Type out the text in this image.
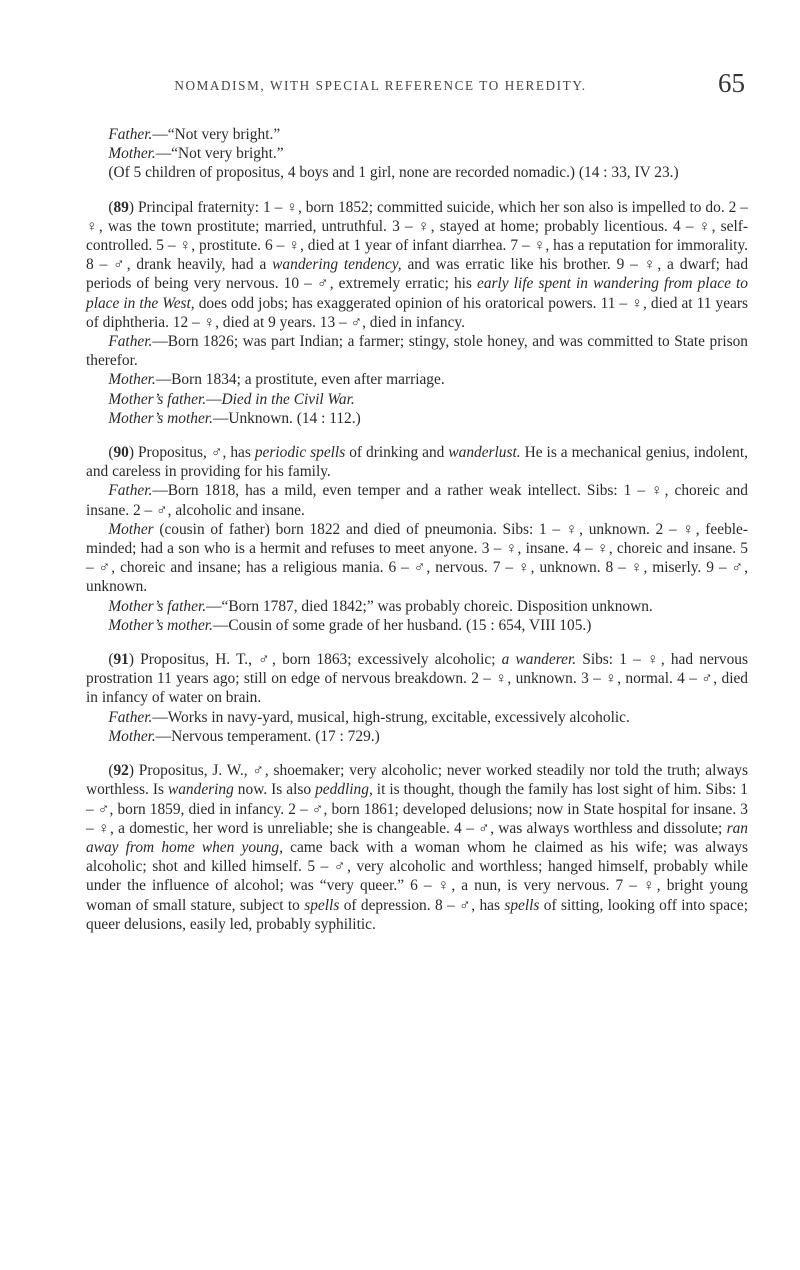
NOMADISM, WITH SPECIAL REFERENCE TO HEREDITY.	65

Father.—“Not very bright.”

Mother.—“Not very bright.”

(Of 5 children of propositus, 4 boys and 1 girl, none are recorded nomadic.) (14 : 33, IV 23.)

(89) Principal fraternity: 1 – ♀, born 1852; committed suicide, which her son also is impelled to do. 2 – ♀, was the town prostitute; married, untruthful. 3 – ♀, stayed at home; probably licentious. 4 – ♀, self-controlled. 5 – ♀, prostitute. 6 – ♀, died at 1 year of infant diarrhea. 7 – ♀, has a reputation for immorality. 8 – ♂, drank heavily, had a wandering tendency, and was erratic like his brother. 9 – ♀, a dwarf; had periods of being very nervous. 10 – ♂, extremely erratic; his early life spent in wandering from place to place in the West, does odd jobs; has exaggerated opinion of his oratorical powers. 11 – ♀, died at 11 years of diphtheria. 12 – ♀, died at 9 years. 13 – ♂, died in infancy.

Father.—Born 1826; was part Indian; a farmer; stingy, stole honey, and was committed to State prison therefor.

Mother.—Born 1834; a prostitute, even after marriage.

Mother’s father.—Died in the Civil War.

Mother’s mother.—Unknown. (14 : 112.)

(90) Propositus, ♂, has periodic spells of drinking and wanderlust. He is a mechanical genius, indolent, and careless in providing for his family.

Father.—Born 1818, has a mild, even temper and a rather weak intellect. Sibs: 1 – ♀, choreic and insane. 2 – ♂, alcoholic and insane.

Mother (cousin of father) born 1822 and died of pneumonia. Sibs: 1 – ♀, unknown. 2 – ♀, feeble-minded; had a son who is a hermit and refuses to meet anyone. 3 – ♀, insane. 4 – ♀, choreic and insane. 5 – ♂, choreic and insane; has a religious mania. 6 – ♂, nervous. 7 – ♀, unknown. 8 – ♀, miserly. 9 – ♂, unknown.

Mother’s father.—“Born 1787, died 1842;” was probably choreic. Disposition unknown.

Mother’s mother.—Cousin of some grade of her husband. (15 : 654, VIII 105.)

(91) Propositus, H. T., ♂, born 1863; excessively alcoholic; a wanderer. Sibs: 1 – ♀, had nervous prostration 11 years ago; still on edge of nervous breakdown. 2 – ♀, unknown. 3 – ♀, normal. 4 – ♂, died in infancy of water on brain.

Father.—Works in navy-yard, musical, high-strung, excitable, excessively alcoholic.

Mother.—Nervous temperament. (17 : 729.)

(92) Propositus, J. W., ♂, shoemaker; very alcoholic; never worked steadily nor told the truth; always worthless. Is wandering now. Is also peddling, it is thought, though the family has lost sight of him. Sibs: 1 – ♂, born 1859, died in infancy. 2 – ♂, born 1861; developed delusions; now in State hospital for insane. 3 – ♀, a domestic, her word is unreliable; she is changeable. 4 – ♂, was always worthless and dissolute; ran away from home when young, came back with a woman whom he claimed as his wife; was always alcoholic; shot and killed himself. 5 – ♂, very alcoholic and worthless; hanged himself, probably while under the influence of alcohol; was “very queer.” 6 – ♀, a nun, is very nervous. 7 – ♀, bright young woman of small stature, subject to spells of depression. 8 – ♂, has spells of sitting, looking off into space; queer delusions, easily led, probably syphilitic.
